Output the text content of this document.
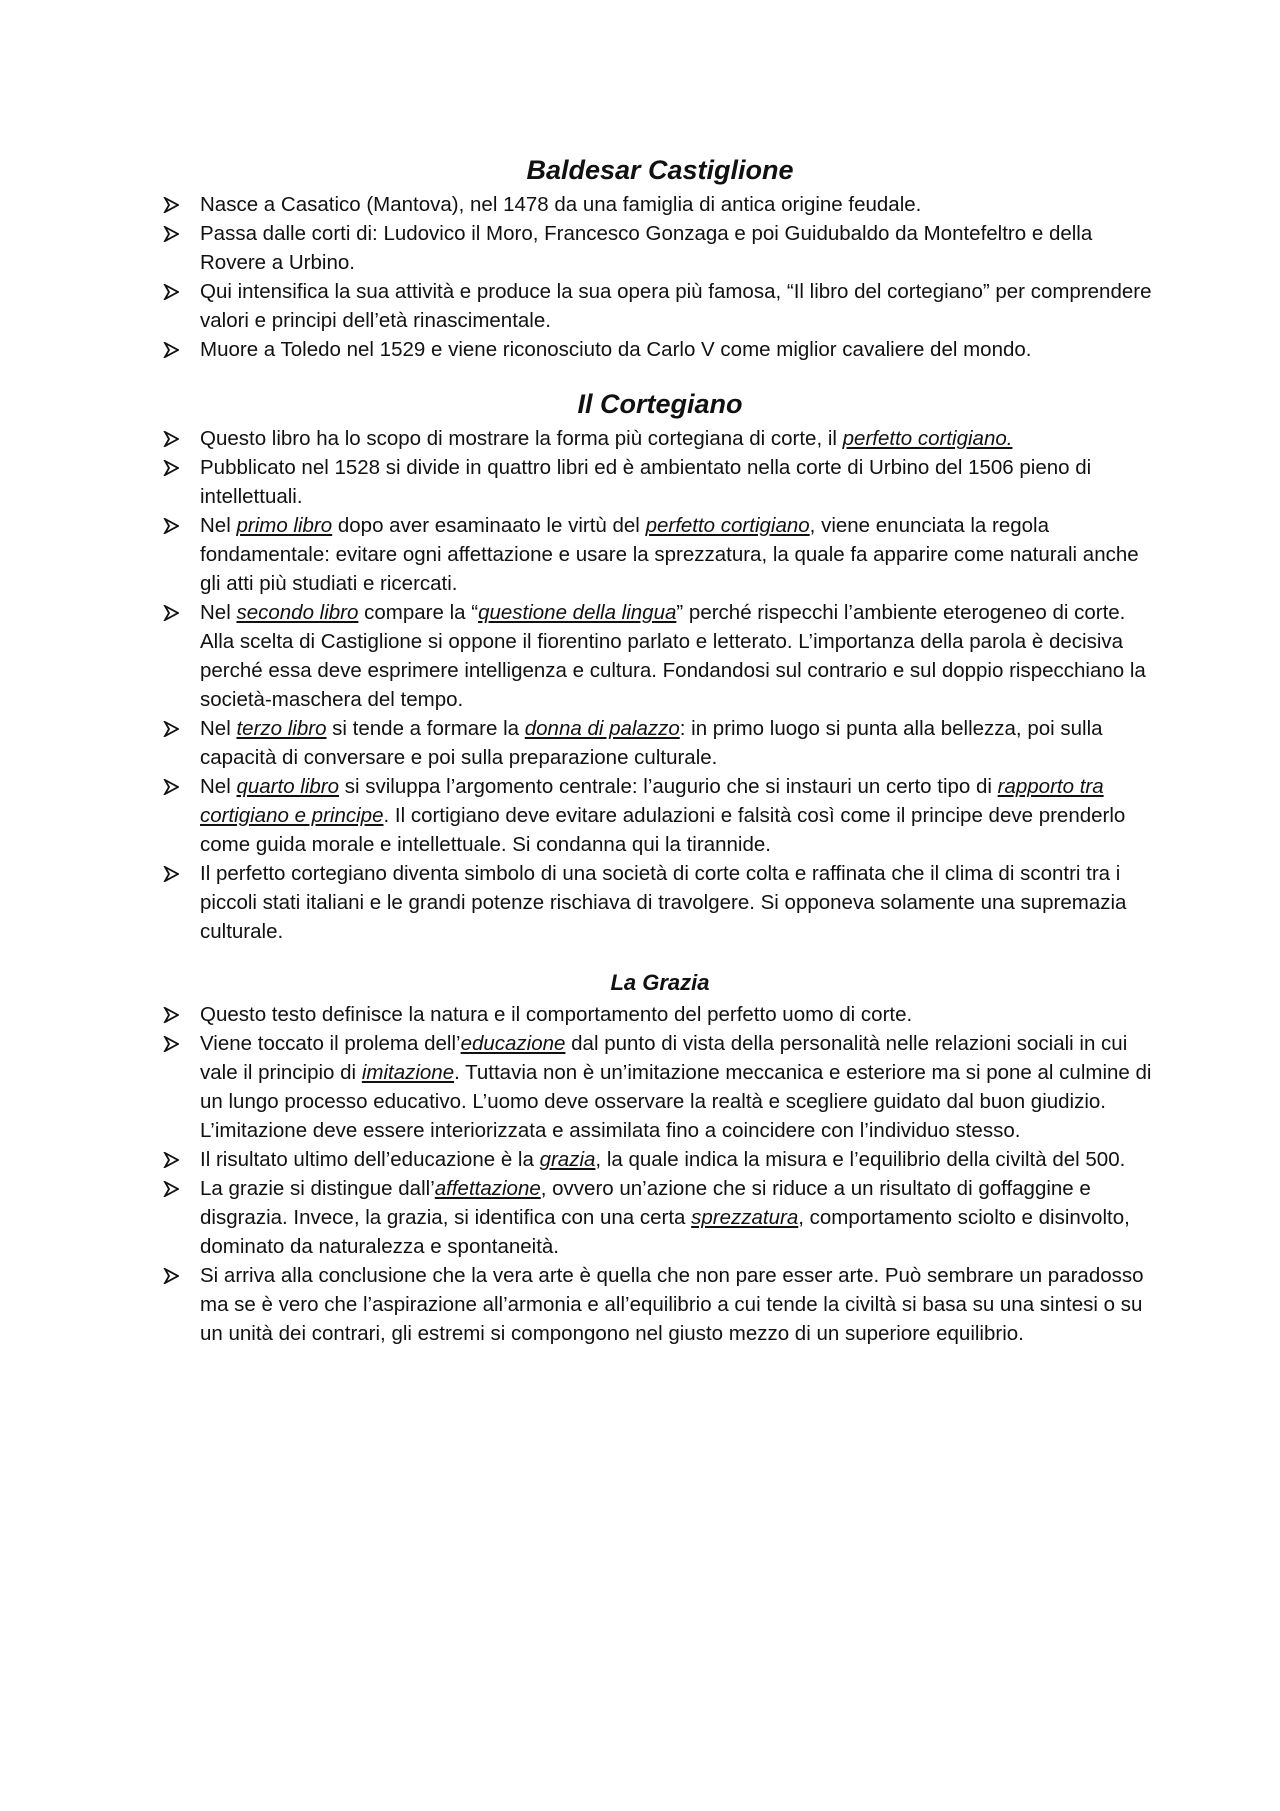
Baldesar Castiglione
Nasce a Casatico (Mantova), nel 1478 da una famiglia di antica origine feudale.
Passa dalle corti di: Ludovico il Moro, Francesco Gonzaga e poi Guidubaldo da Montefeltro e della Rovere a Urbino.
Qui intensifica la sua attività e produce la sua opera più famosa, “Il libro del cortegiano” per comprendere valori e principi dell’età rinascimentale.
Muore a Toledo nel 1529 e viene riconosciuto da Carlo V come miglior cavaliere del mondo.
Il Cortegiano
Questo libro ha lo scopo di mostrare la forma più cortegiana di corte, il perfetto cortigiano.
Pubblicato nel 1528 si divide in quattro libri ed è ambientato nella corte di Urbino del 1506 pieno di intellettuali.
Nel primo libro dopo aver esaminaato le virtù del perfetto cortigiano, viene enunciata la regola fondamentale: evitare ogni affettazione e usare la sprezzatura, la quale fa apparire come naturali anche gli atti più studiati e ricercati.
Nel secondo libro compare la “questione della lingua” perché rispecchi l’ambiente eterogeneo di corte. Alla scelta di Castiglione si oppone il fiorentino parlato e letterato. L’importanza della parola è decisiva perché essa deve esprimere intelligenza e cultura. Fondandosi sul contrario e sul doppio rispecchiano la società-maschera del tempo.
Nel terzo libro si tende a formare la donna di palazzo: in primo luogo si punta alla bellezza, poi sulla capacità di conversare e poi sulla preparazione culturale.
Nel quarto libro si sviluppa l’argomento centrale: l’augurio che si instauri un certo tipo di rapporto tra cortigiano e principe. Il cortigiano deve evitare adulazioni e falsità così come il principe deve prenderlo come guida morale e intellettuale. Si condanna qui la tirannide.
Il perfetto cortegiano diventa simbolo di una società di corte colta e raffinata che il clima di scontri tra i piccoli stati italiani e le grandi potenze rischiava di travolgere. Si opponeva solamente una supremazia culturale.
La Grazia
Questo testo definisce la natura e il comportamento del perfetto uomo di corte.
Viene toccato il prolema dell’educazione dal punto di vista della personalità nelle relazioni sociali in cui vale il principio di imitazione. Tuttavia non è un’imitazione meccanica e esteriore ma si pone al culmine di un lungo processo educativo. L’uomo deve osservare la realtà e scegliere guidato dal buon giudizio. L’imitazione deve essere interiorizzata e assimilata fino a coincidere con l’individuo stesso.
Il risultato ultimo dell’educazione è la grazia, la quale indica la misura e l’equilibrio della civiltà del 500.
La grazie si distingue dall’affettazione, ovvero un’azione che si riduce a un risultato di goffaggine e disgrazia. Invece, la grazia, si identifica con una certa sprezzatura, comportamento sciolto e disinvolto, dominato da naturalezza e spontaneità.
Si arriva alla conclusione che la vera arte è quella che non pare esser arte. Può sembrare un paradosso ma se è vero che l’aspirazione all’armonia e all’equilibrio a cui tende la civiltà si basa su una sintesi o su un unità dei contrari, gli estremi si compongono nel giusto mezzo di un superiore equilibrio.
